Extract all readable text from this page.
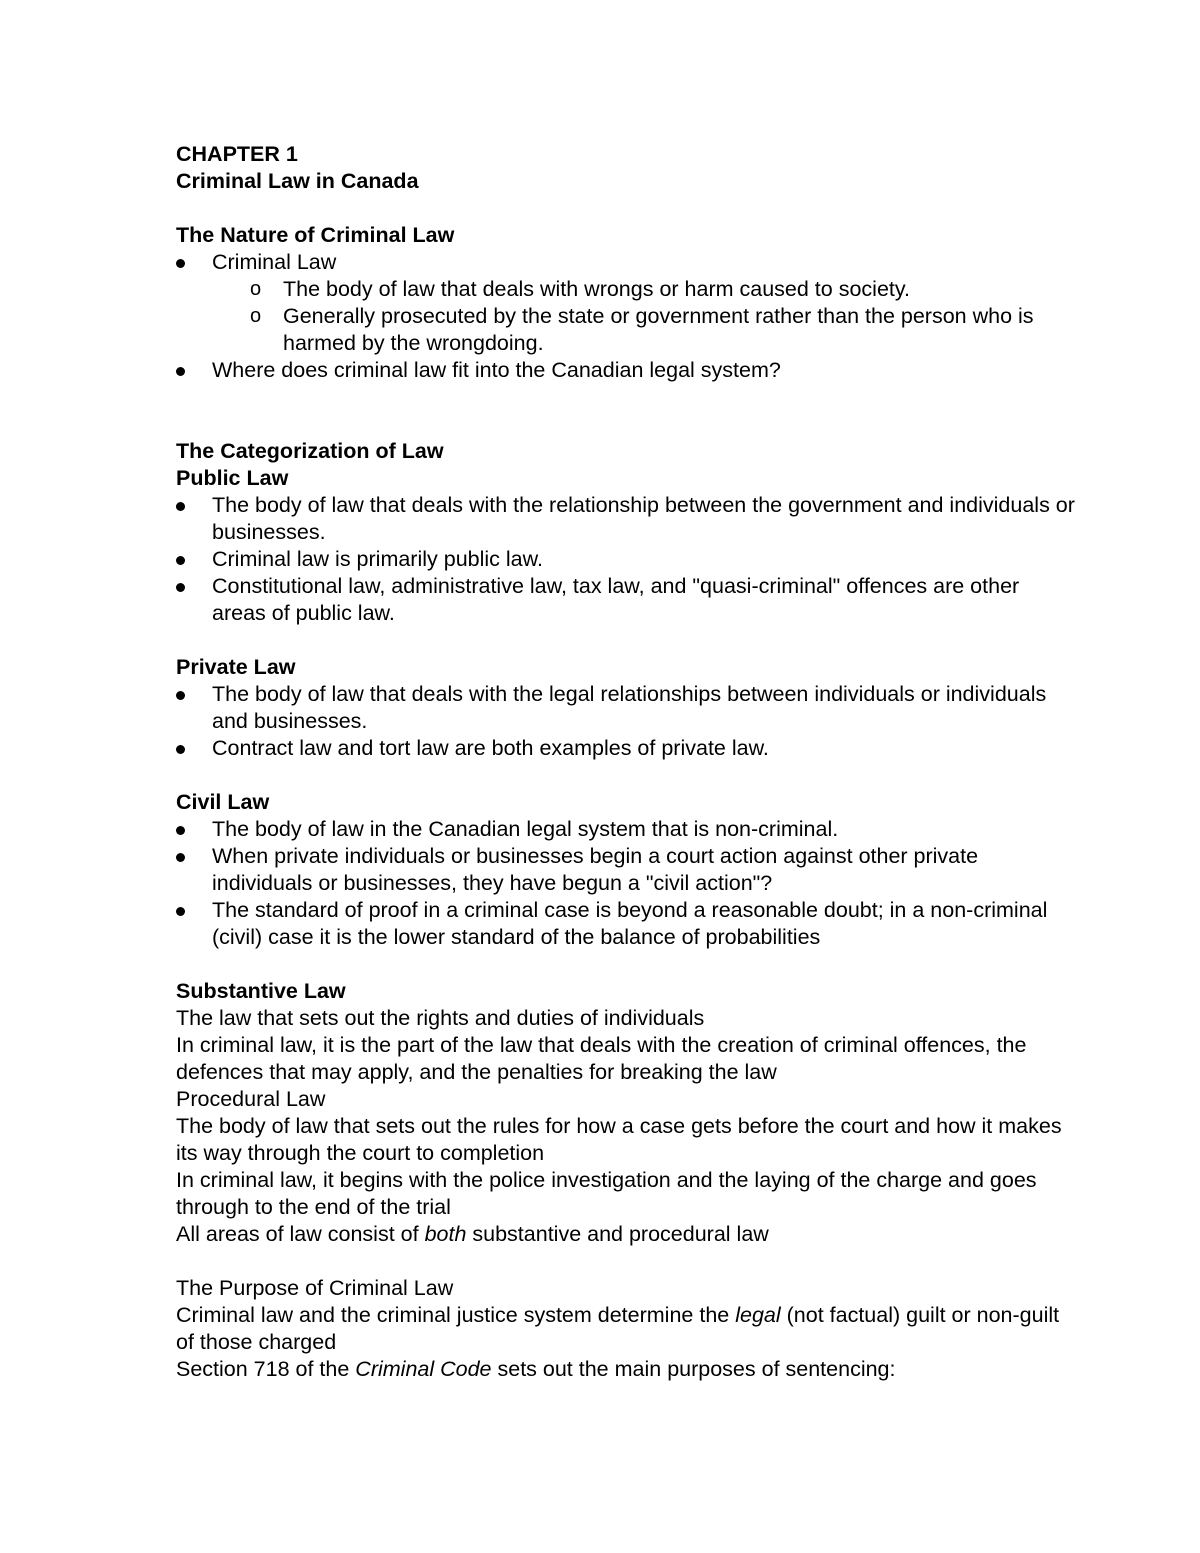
CHAPTER 1

Criminal Law in Canada

The Nature of Criminal Law

Criminal Law
o The body of law that deals with wrongs or harm caused to society.
o Generally prosecuted by the state or government rather than the person who is harmed by the wrongdoing.
Where does criminal law fit into the Canadian legal system?

The Categorization of Law

Public Law

The body of law that deals with the relationship between the government and individuals or businesses.
Criminal law is primarily public law.
Constitutional law, administrative law, tax law, and "quasi-criminal" offences are other areas of public law.

Private Law

The body of law that deals with the legal relationships between individuals or individuals and businesses.
Contract law and tort law are both examples of private law.

Civil Law

The body of law in the Canadian legal system that is non-criminal.
When private individuals or businesses begin a court action against other private individuals or businesses, they have begun a "civil action"?
The standard of proof in a criminal case is beyond a reasonable doubt; in a non-criminal (civil) case it is the lower standard of the balance of probabilities

Substantive Law

The law that sets out the rights and duties of individuals

In criminal law, it is the part of the law that deals with the creation of criminal offences, the defences that may apply, and the penalties for breaking the law

Procedural Law

The body of law that sets out the rules for how a case gets before the court and how it makes its way through the court to completion

In criminal law, it begins with the police investigation and the laying of the charge and goes through to the end of the trial

All areas of law consist of both substantive and procedural law

The Purpose of Criminal Law

Criminal law and the criminal justice system determine the legal (not factual) guilt or non-guilt of those charged

Section 718 of the Criminal Code sets out the main purposes of sentencing:
